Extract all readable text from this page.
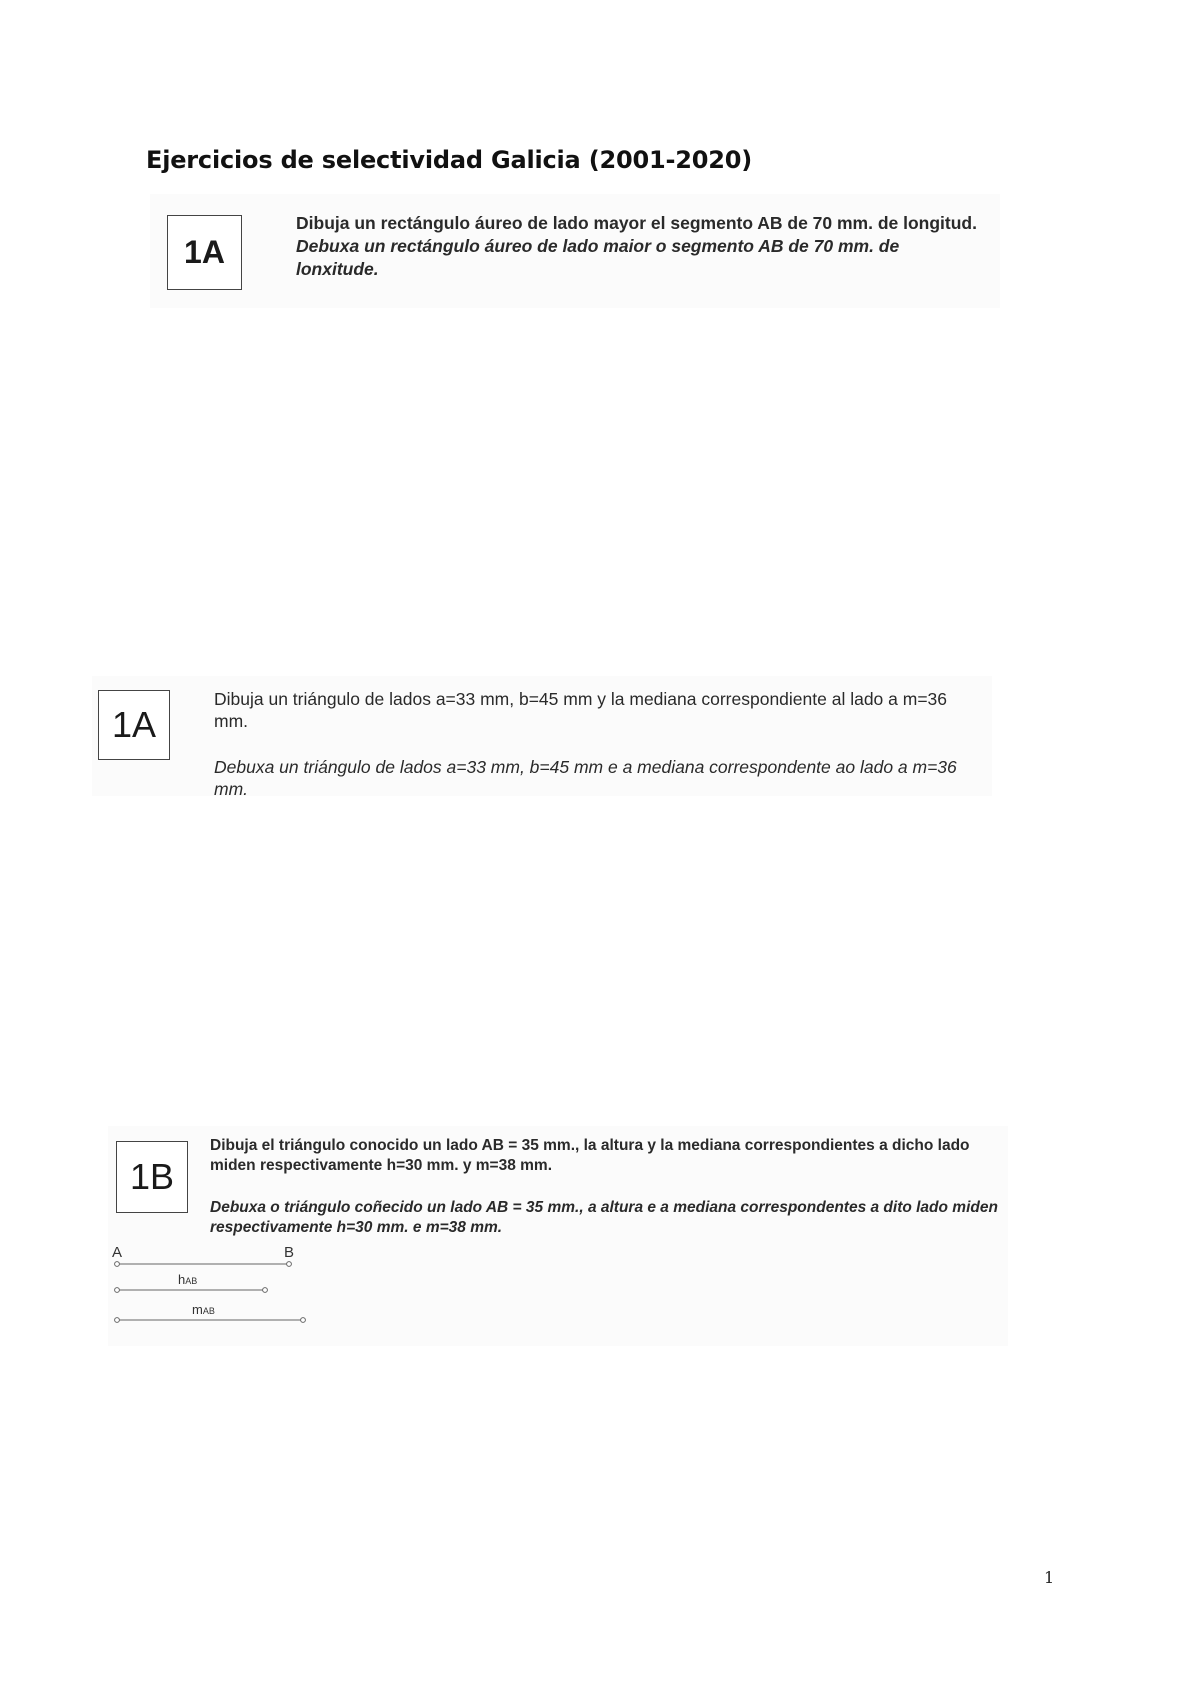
Ejercicios de selectividad Galicia (2001-2020)
1A
Dibuja un rectángulo áureo de lado mayor el segmento AB de 70 mm. de longitud.
Debuxa un rectángulo áureo de lado maior o segmento AB de 70 mm. de lonxitude.
1A
Dibuja un triángulo de lados a=33 mm, b=45 mm y la mediana correspondiente al lado a m=36 mm.
Debuxa un triángulo de lados a=33 mm, b=45 mm e a mediana correspondente ao lado a m=36 mm.
1B
Dibuja el triángulo conocido un lado AB = 35 mm., la altura y la mediana correspondientes a dicho lado miden respectivamente h=30 mm. y m=38 mm.
Debuxa o triángulo coñecido un lado AB = 35 mm., a altura e a mediana correspondentes a dito lado miden respectivamente h=30 mm. e m=38 mm.
A	B
hAB
mAB
1
